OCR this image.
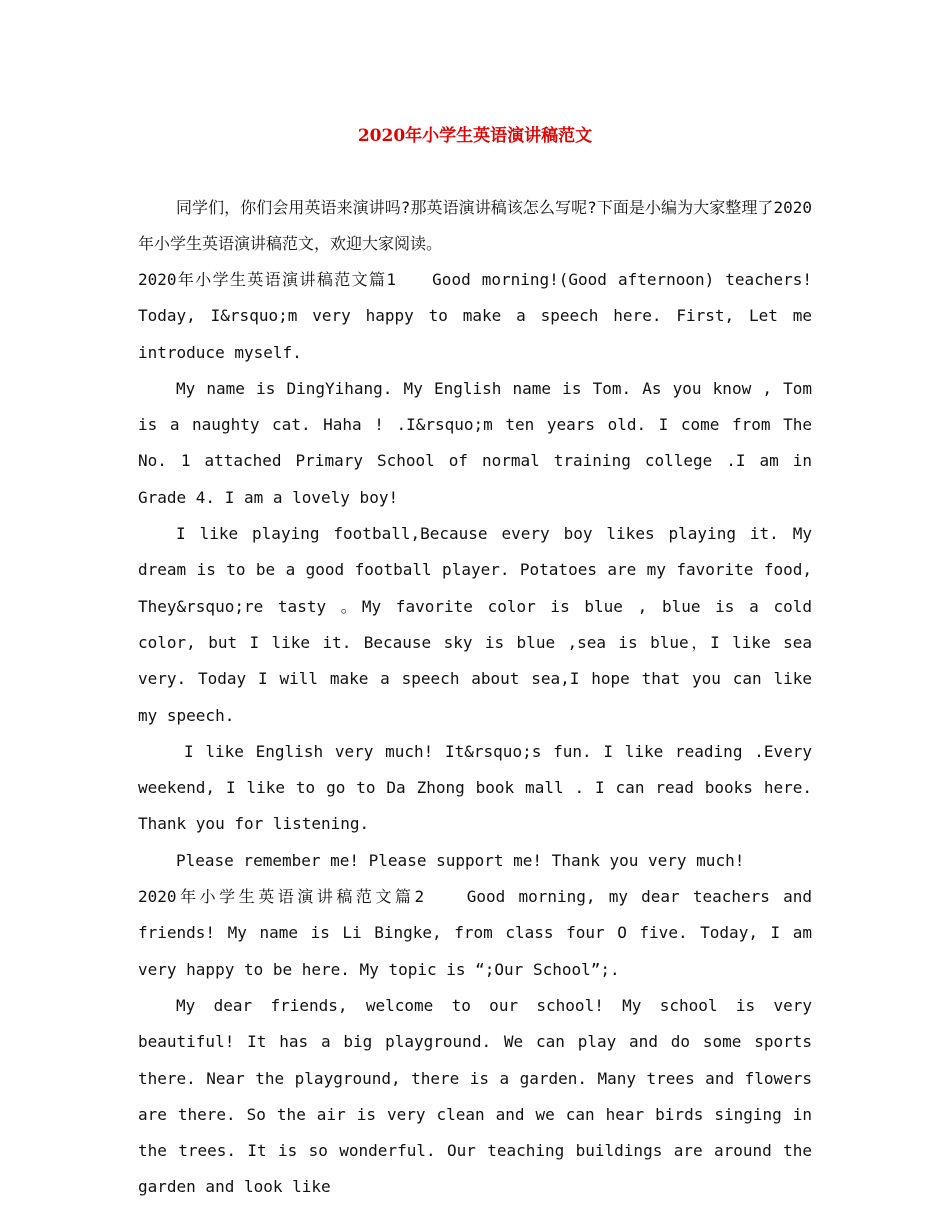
2020年小学生英语演讲稿范文

同学们，你们会用英语来演讲吗?那英语演讲稿该怎么写呢?下面是小编为大家整理了2020年小学生英语演讲稿范文，欢迎大家阅读。

2020年小学生英语演讲稿范文篇1　　Good morning!(Good afternoon) teachers! Today, I&rsquo;m very happy to make a speech here. First, Let me introduce myself.

My name is DingYihang. My English name is Tom. As you know , Tom is a naughty cat. Haha ! .I&rsquo;m ten years old. I come from The No. 1 attached Primary School of normal training college .I am in Grade 4. I am a lovely boy!

I like playing football,Because every boy likes playing it. My dream is to be a good football player. Potatoes are my favorite food, They&rsquo;re tasty 。My favorite color is blue , blue is a cold color, but I like it. Because sky is blue ,sea is blue，I like sea very. Today I will make a speech about sea,I hope that you can like my speech.

I like English very much! It&rsquo;s fun. I like reading .Every weekend, I like to go to Da Zhong book mall . I can read books here. Thank you for listening.

Please remember me! Please support me! Thank you very much!

2020年小学生英语演讲稿范文篇2　　Good morning, my dear teachers and friends! My name is Li Bingke, from class four O five. Today, I am very happy to be here. My topic is “;Our School”;.

My dear friends, welcome to our school! My school is very beautiful! It has a big playground. We can play and do some sports there. Near the playground, there is a garden. Many trees and flowers are there. So the air is very clean and we can hear birds singing in the trees. It is so wonderful. Our teaching buildings are around the garden and look like
